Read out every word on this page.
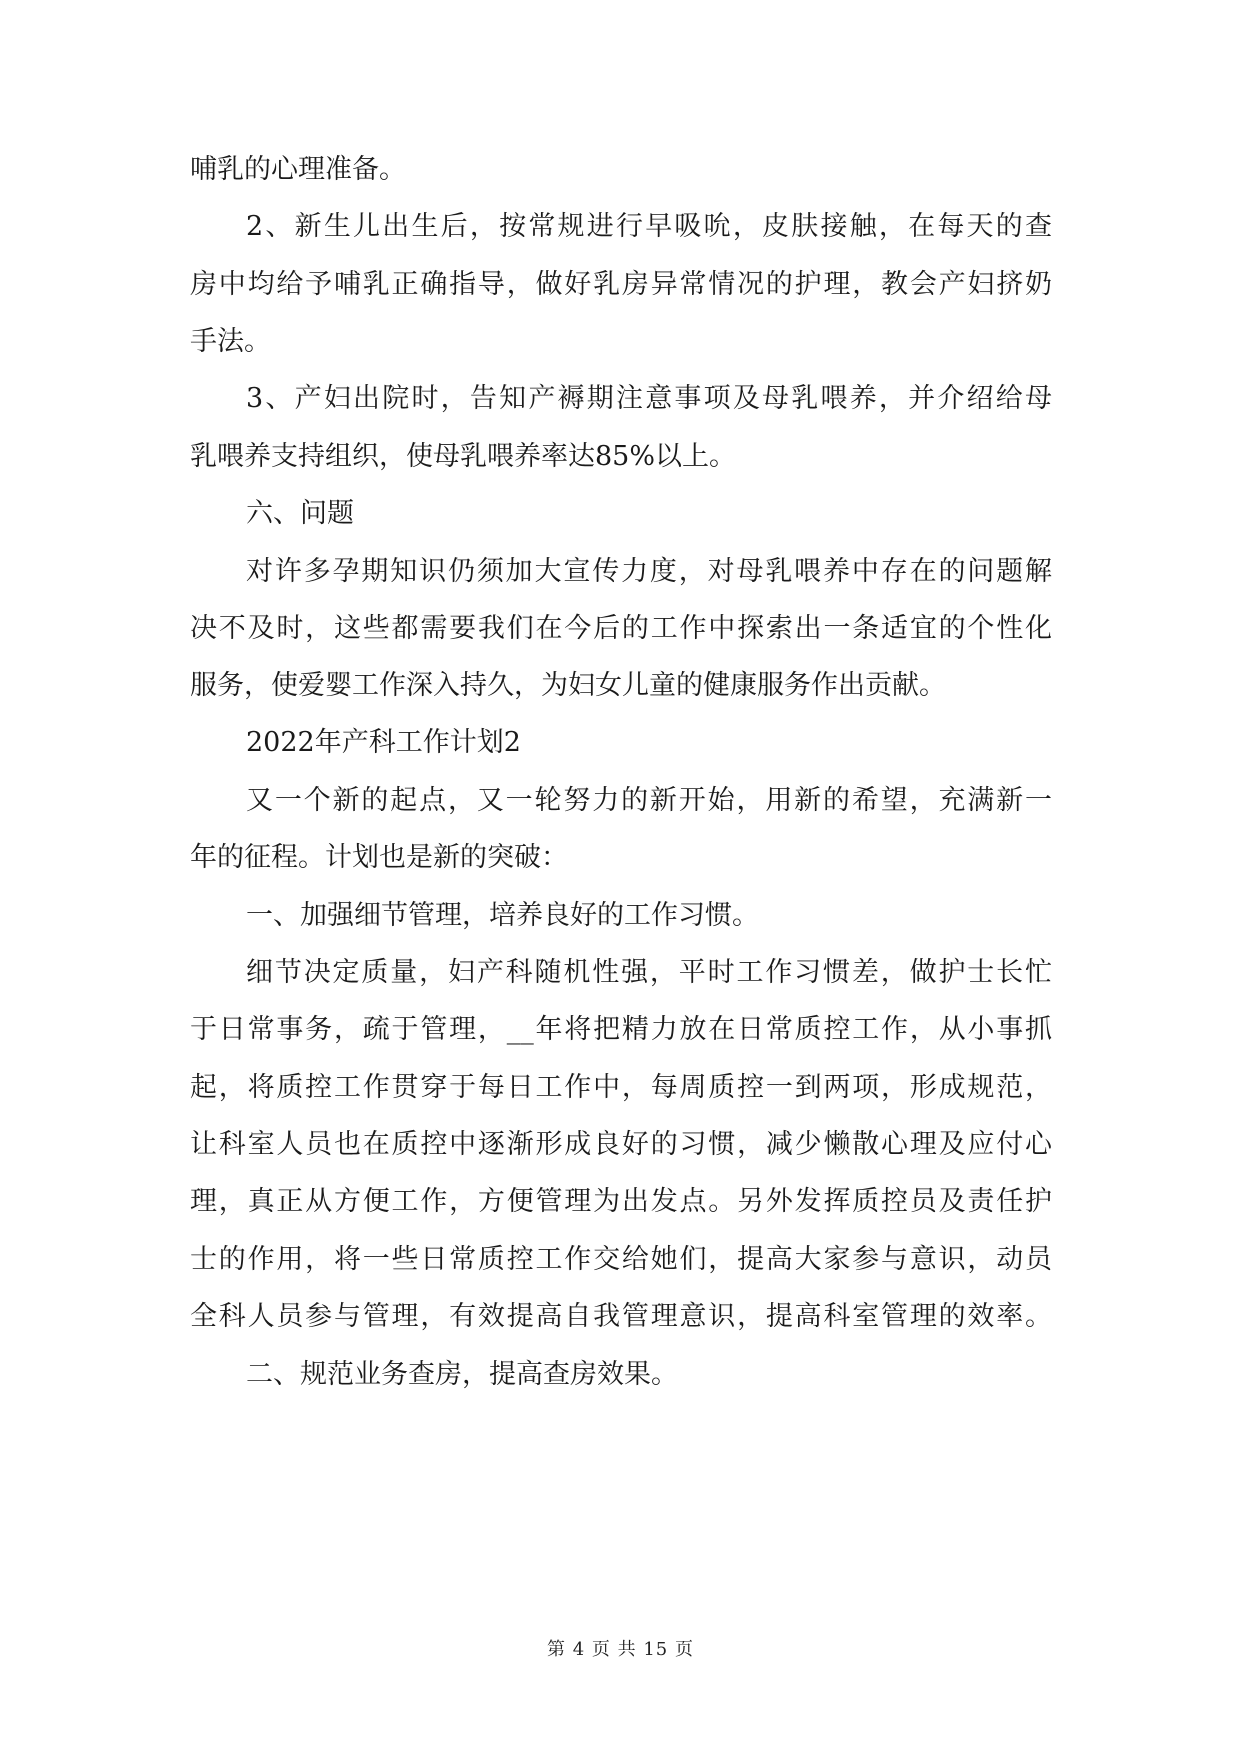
哺乳的心理准备。
2、新生儿出生后，按常规进行早吸吮，皮肤接触，在每天的查
房中均给予哺乳正确指导，做好乳房异常情况的护理，教会产妇挤奶
手法。
3、产妇出院时，告知产褥期注意事项及母乳喂养，并介绍给母
乳喂养支持组织，使母乳喂养率达85%以上。
六、问题
对许多孕期知识仍须加大宣传力度，对母乳喂养中存在的问题解
决不及时，这些都需要我们在今后的工作中探索出一条适宜的个性化
服务，使爱婴工作深入持久，为妇女儿童的健康服务作出贡献。
2022年产科工作计划2
又一个新的起点，又一轮努力的新开始，用新的希望，充满新一
年的征程。计划也是新的突破：
一、加强细节管理，培养良好的工作习惯。
细节决定质量，妇产科随机性强，平时工作习惯差，做护士长忙
于日常事务，疏于管理，__年将把精力放在日常质控工作，从小事抓
起，将质控工作贯穿于每日工作中，每周质控一到两项，形成规范，
让科室人员也在质控中逐渐形成良好的习惯，减少懒散心理及应付心
理，真正从方便工作，方便管理为出发点。另外发挥质控员及责任护
士的作用，将一些日常质控工作交给她们，提高大家参与意识，动员
全科人员参与管理，有效提高自我管理意识，提高科室管理的效率。
二、规范业务查房，提高查房效果。
第 4 页 共 15 页
